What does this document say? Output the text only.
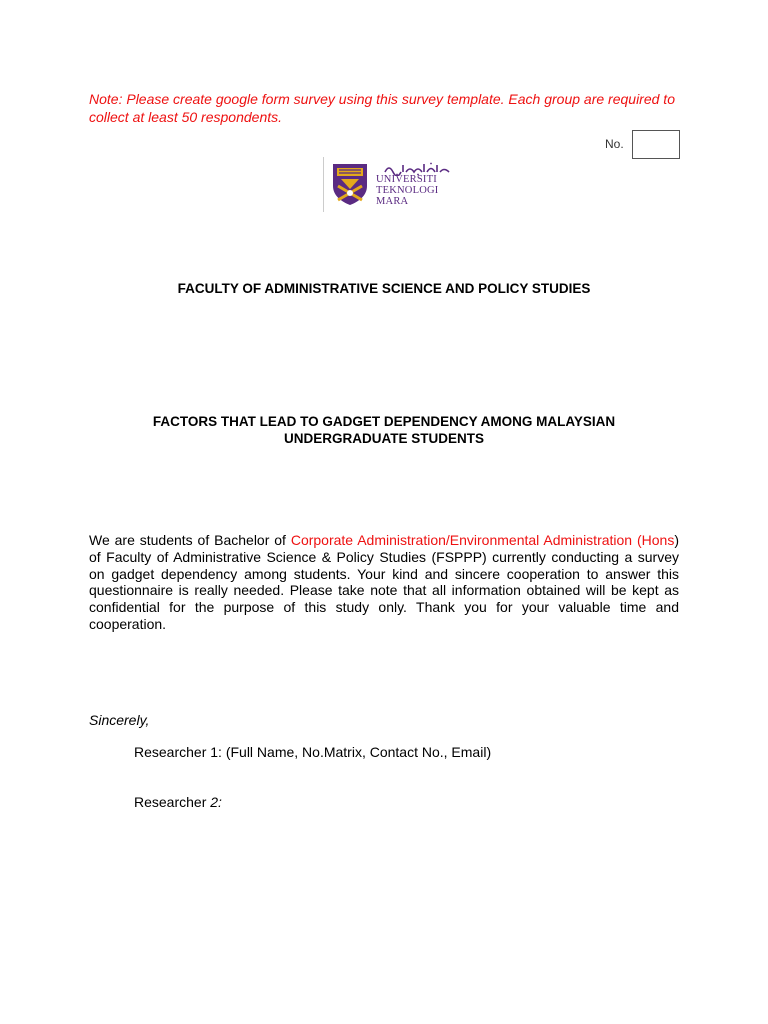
Note: Please create google form survey using this survey template. Each group are required to collect at least 50 respondents.
No.
UNIVERSITI
TEKNOLOGI
MARA
FACULTY OF ADMINISTRATIVE SCIENCE AND POLICY STUDIES
FACTORS THAT LEAD TO GADGET DEPENDENCY AMONG MALAYSIAN
UNDERGRADUATE STUDENTS
We are students of Bachelor of Corporate Administration/Environmental Administration (Hons) of Faculty of Administrative Science & Policy Studies (FSPPP) currently conducting a survey on gadget dependency among students. Your kind and sincere cooperation to answer this questionnaire is really needed. Please take note that all information obtained will be kept as confidential for the purpose of this study only. Thank you for your valuable time and cooperation.
Sincerely,
Researcher 1: (Full Name, No.Matrix, Contact No., Email)
Researcher 2:
